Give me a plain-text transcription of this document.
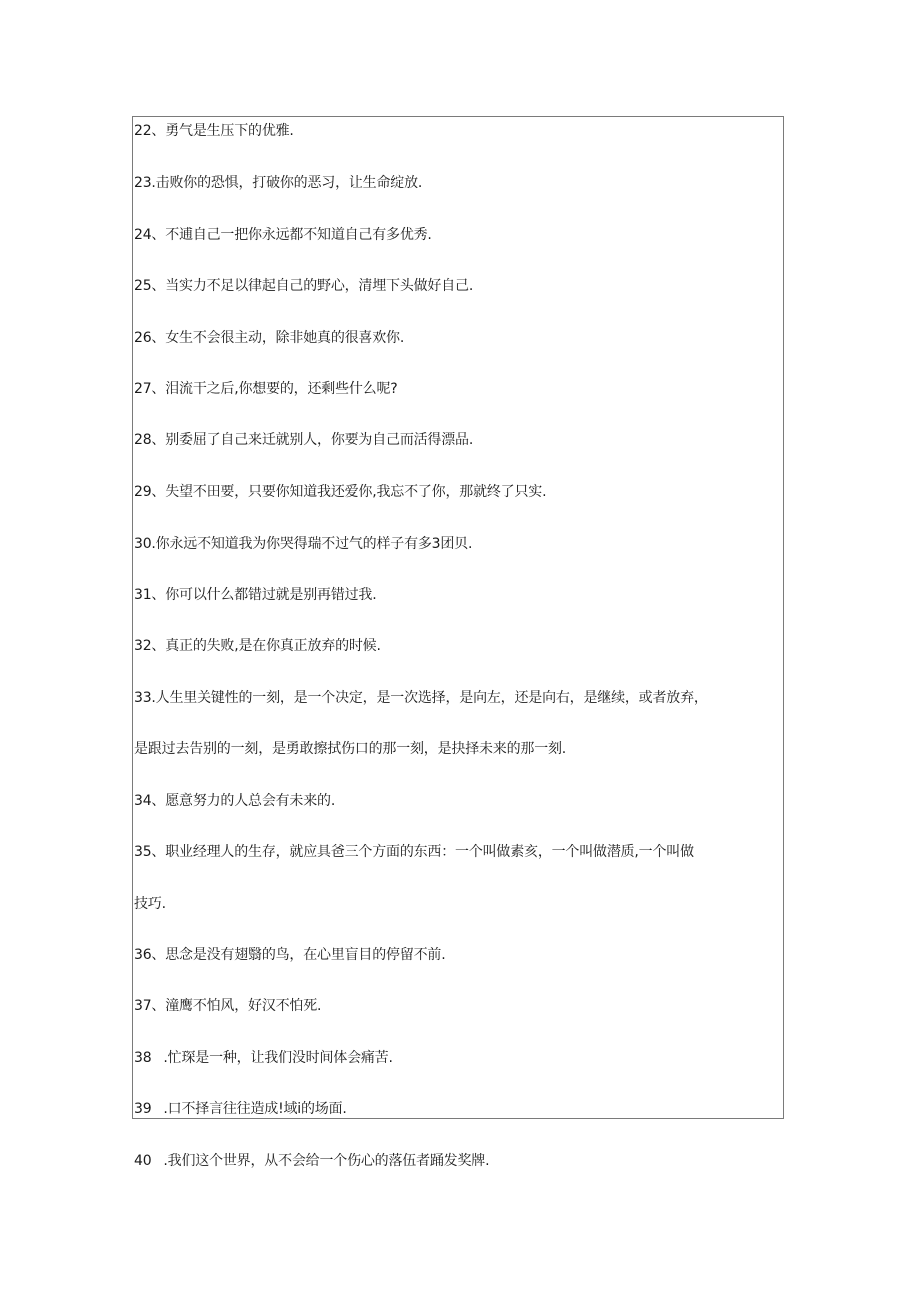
22、勇气是生压下的优雅.
23.击败你的恐惧，打破你的恶习，让生命绽放.
24、不逋自己一把你永远都不知道自己有多优秀.
25、当实力不足以律起自己的野心，清埋下头做好自己.
26、女生不会很主动，除非她真的很喜欢你.
27、泪流干之后,你想要的，还剩些什么呢?
28、别委屈了自己来迁就别人，你要为自己而活得漂品.
29、失望不田要，只要你知道我还爱你,我忘不了你，那就终了只实.
30.你永远不知道我为你哭得瑞不过气的样子有多3团贝.
31、你可以什么都错过就是别再错过我.
32、真正的失败,是在你真正放弃的时候.
33.人生里关键性的一刻，是一个决定，是一次选择，是向左，还是向右，是继续，或者放弃，
是跟过去告别的一刻，是勇敢擦拭伤口的那一刻，是抉择未来的那一刻.
34、愿意努力的人总会有未来的.
35、职业经理人的生存，就应具爸三个方面的东西：一个叫做素亥，一个叫做潜质,一个叫做
技巧.
36、思念是没有翅翳的鸟，在心里盲目的停留不前.
37、潼鹰不怕风，好汉不怕死.
38 .忙琛是一种，让我们没时间体会痛苦.
39 .口不择言往往造成!域i的场面.
40 .我们这个世界，从不会给一个伤心的落伍者踊发奖牌.
